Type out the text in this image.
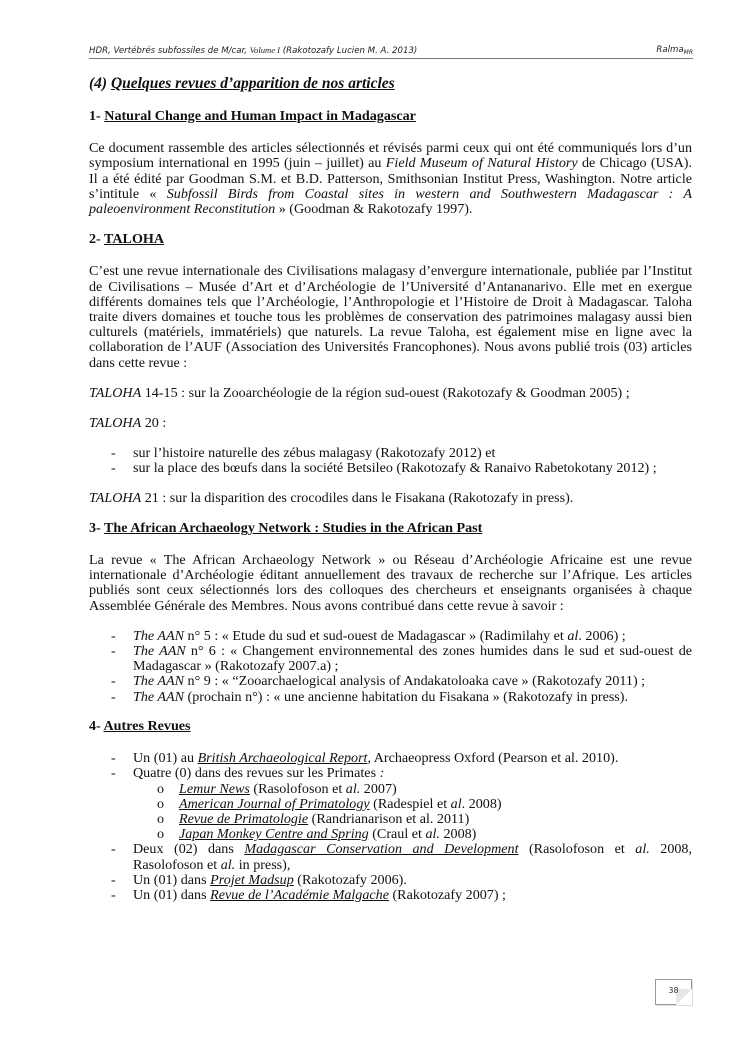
HDR, Vertébrés subfossiles de M/car, Volume I (Rakotozafy Lucien M. A. 2013)	Ralma$_{MR}$
(4) Quelques revues d’apparition de nos articles
1- Natural Change and Human Impact in Madagascar

Ce document rassemble des articles sélectionnés et révisés parmi ceux qui ont été communiqués lors d’un symposium international en 1995 (juin – juillet) au Field Museum of Natural History de Chicago (USA). Il a été édité par Goodman S.M. et B.D. Patterson, Smithsonian Institut Press, Washington. Notre article s’intitule « Subfossil Birds from Coastal sites in western and Southwestern Madagascar : A paleoenvironment Reconstitution » (Goodman & Rakotozafy 1997).

2- TALOHA

C’est une revue internationale des Civilisations malagasy d’envergure internationale, publiée par l’Institut de Civilisations – Musée d’Art et d’Archéologie de l’Université d’Antananarivo. Elle met en exergue différents domaines tels que l’Archéologie, l’Anthropologie et l’Histoire de Droit à Madagascar. Taloha traite divers domaines et touche tous les problèmes de conservation des patrimoines malagasy aussi bien culturels (matériels, immatériels) que naturels. La revue Taloha, est également mise en ligne avec la collaboration de l’AUF (Association des Universités Francophones). Nous avons publié trois (03) articles dans cette revue :

TALOHA 14-15 : sur la Zooarchéologie de la région sud-ouest (Rakotozafy & Goodman 2005) ;

TALOHA 20 :

- sur l’histoire naturelle des zébus malagasy (Rakotozafy 2012) et
- sur la place des bœufs dans la société Betsileo (Rakotozafy & Ranaivo Rabetokotany 2012) ;

TALOHA 21 : sur la disparition des crocodiles dans le Fisakana (Rakotozafy in press).

3- The African Archaeology Network : Studies in the African Past

La revue « The African Archaeology Network » ou Réseau d’Archéologie Africaine est une revue internationale d’Archéologie éditant annuellement des travaux de recherche sur l’Afrique. Les articles publiés sont ceux sélectionnés lors des colloques des chercheurs et enseignants organisées à chaque Assemblée Générale des Membres. Nous avons contribué dans cette revue à savoir :

- The AAN n° 5 : « Etude du sud et sud-ouest de Madagascar » (Radimilahy et al. 2006) ;
- The AAN n° 6 : « Changement environnemental des zones humides dans le sud et sud-ouest de Madagascar » (Rakotozafy 2007.a) ;
- The AAN n° 9 : « “Zooarchaelogical analysis of Andakatoloaka cave » (Rakotozafy 2011) ;
- The AAN (prochain n°) : « une ancienne habitation du Fisakana » (Rakotozafy in press).
4- Autres Revues
- Un (01) au British Archaeological Report, Archaeopress Oxford (Pearson et al. 2010).
- Quatre (0) dans des revues sur les Primates :
o Lemur News (Rasolofoson et al. 2007)
o American Journal of Primatology (Radespiel et al. 2008)
o Revue de Primatologie (Randrianarison et al. 2011)
o Japan Monkey Centre and Spring (Craul et al. 2008)
- Deux (02) dans Madagascar Conservation and Development (Rasolofoson et al. 2008, Rasolofoson et al. in press),
- Un (01) dans Projet Madsup (Rakotozafy 2006).
- Un (01) dans Revue de l’Académie Malgache (Rakotozafy 2007) ;
38
